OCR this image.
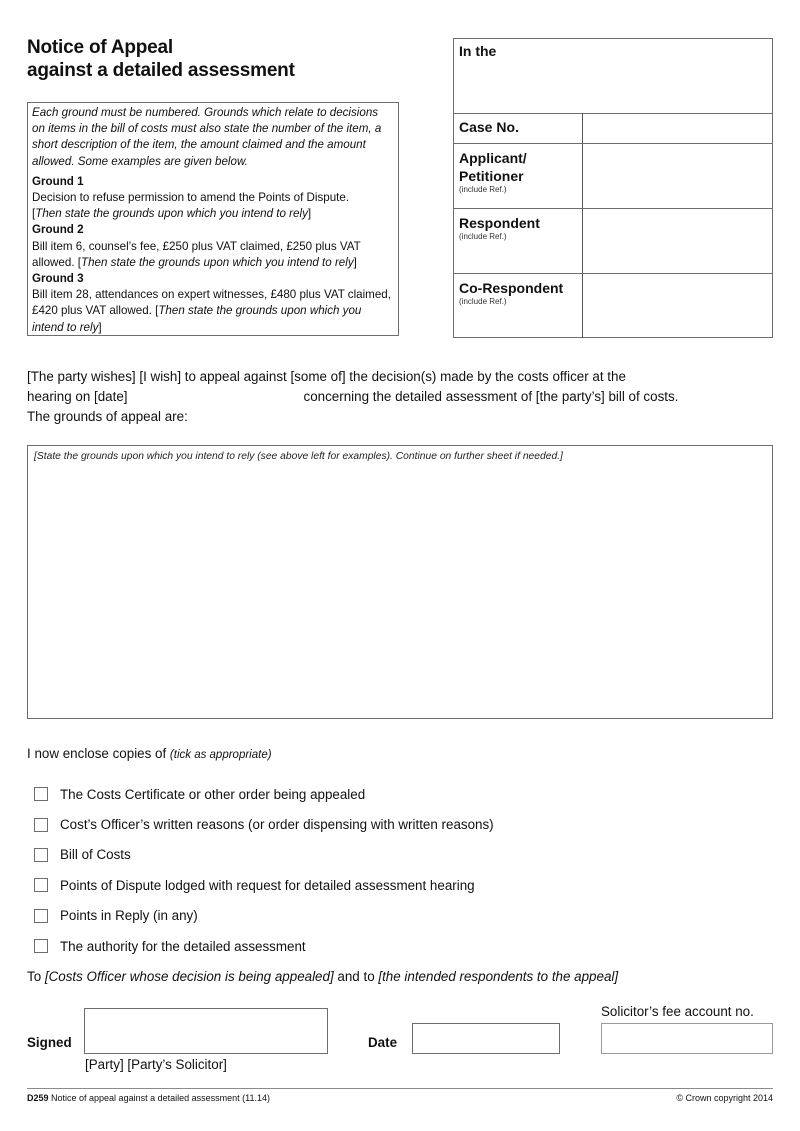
Notice of Appeal
against a detailed assessment
Each ground must be numbered. Grounds which relate to decisions on items in the bill of costs must also state the number of the item, a short description of the item, the amount claimed and the amount allowed. Some examples are given below.
Ground 1
Decision to refuse permission to amend the Points of Dispute.
[Then state the grounds upon which you intend to rely]
Ground 2
Bill item 6, counsel’s fee, £250 plus VAT claimed, £250 plus VAT allowed. [Then state the grounds upon which you intend to rely]
Ground 3
Bill item 28, attendances on expert witnesses, £480 plus VAT claimed, £420 plus VAT allowed. [Then state the grounds upon which you intend to rely]
In the
Case No.
Applicant/ Petitioner
(include Ref.)
Respondent
(include Ref.)
Co-Respondent
(include Ref.)
[The party wishes] [I wish] to appeal against [some of] the decision(s) made by the costs officer at the
hearing on [date]	concerning the detailed assessment of [the party’s] bill of costs.
The grounds of appeal are:
[State the grounds upon which you intend to rely (see above left for examples). Continue on further sheet if needed.]
I now enclose copies of (tick as appropriate)
The Costs Certificate or other order being appealed
Cost’s Officer’s written reasons (or order dispensing with written reasons)
Bill of Costs
Points of Dispute lodged with request for detailed assessment hearing
Points in Reply (in any)
The authority for the detailed assessment
To [Costs Officer whose decision is being appealed] and to [the intended respondents to the appeal]
Signed
[Party] [Party’s Solicitor]
Date
Solicitor’s fee account no.
D259 Notice of appeal against a detailed assessment (11.14)	© Crown copyright 2014
